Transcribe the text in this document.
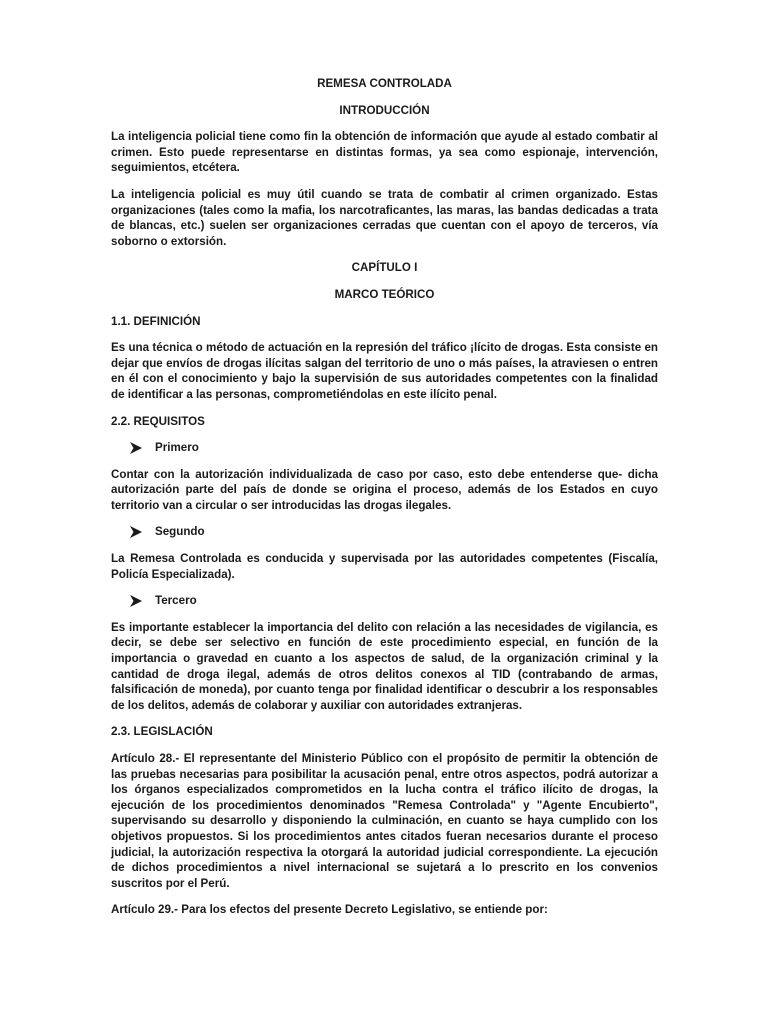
REMESA CONTROLADA
INTRODUCCIÓN

La inteligencia policial tiene como fin la obtención de información que ayude al estado combatir al crimen. Esto puede representarse en distintas formas, ya sea como espionaje, intervención, seguimientos, etcétera.

La inteligencia policial es muy útil cuando se trata de combatir al crimen organizado. Estas organizaciones (tales como la mafia, los narcotraficantes, las maras, las bandas dedicadas a trata de blancas, etc.) suelen ser organizaciones cerradas que cuentan con el apoyo de terceros, vía soborno o extorsión.

CAPÍTULO I
MARCO TEÓRICO
1.1. DEFINICIÓN

Es una técnica o método de actuación en la represión del tráfico ¡lícito de drogas. Esta consiste en dejar que envíos de drogas ilícitas salgan del territorio de uno o más países, la atraviesen o entren en él con el conocimiento y bajo la supervisión de sus autoridades competentes con la finalidad de identificar a las personas, comprometiéndolas en este ilícito penal.

2.2. REQUISITOS
Primero

Contar con la autorización individualizada de caso por caso, esto debe entenderse que- dicha autorización parte del país de donde se origina el proceso, además de los Estados en cuyo territorio van a circular o ser introducidas las drogas ilegales.

Segundo

La Remesa Controlada es conducida y supervisada por las autoridades competentes (Fiscalía, Policía Especializada).

Tercero

Es importante establecer la importancia del delito con relación a las necesidades de vigilancia, es decir, se debe ser selectivo en función de este procedimiento especial, en función de la importancia o gravedad en cuanto a los aspectos de salud, de la organización criminal y la cantidad de droga ilegal, además de otros delitos conexos al TID (contrabando de armas, falsificación de moneda), por cuanto tenga por finalidad identificar o descubrir a los responsables de los delitos, además de colaborar y auxiliar con autoridades extranjeras.

2.3. LEGISLACIÓN

Artículo 28.- El representante del Ministerio Público con el propósito de permitir la obtención de las pruebas necesarias para posibilitar la acusación penal, entre otros aspectos, podrá autorizar a los órganos especializados comprometidos en la lucha contra el tráfico ilícito de drogas, la ejecución de los procedimientos denominados "Remesa Controlada" y "Agente Encubierto", supervisando su desarrollo y disponiendo la culminación, en cuanto se haya cumplido con los objetivos propuestos. Si los procedimientos antes citados fueran necesarios durante el proceso judicial, la autorización respectiva la otorgará la autoridad judicial correspondiente. La ejecución de dichos procedimientos a nivel internacional se sujetará a lo prescrito en los convenios suscritos por el Perú.

Artículo 29.- Para los efectos del presente Decreto Legislativo, se entiende por:
